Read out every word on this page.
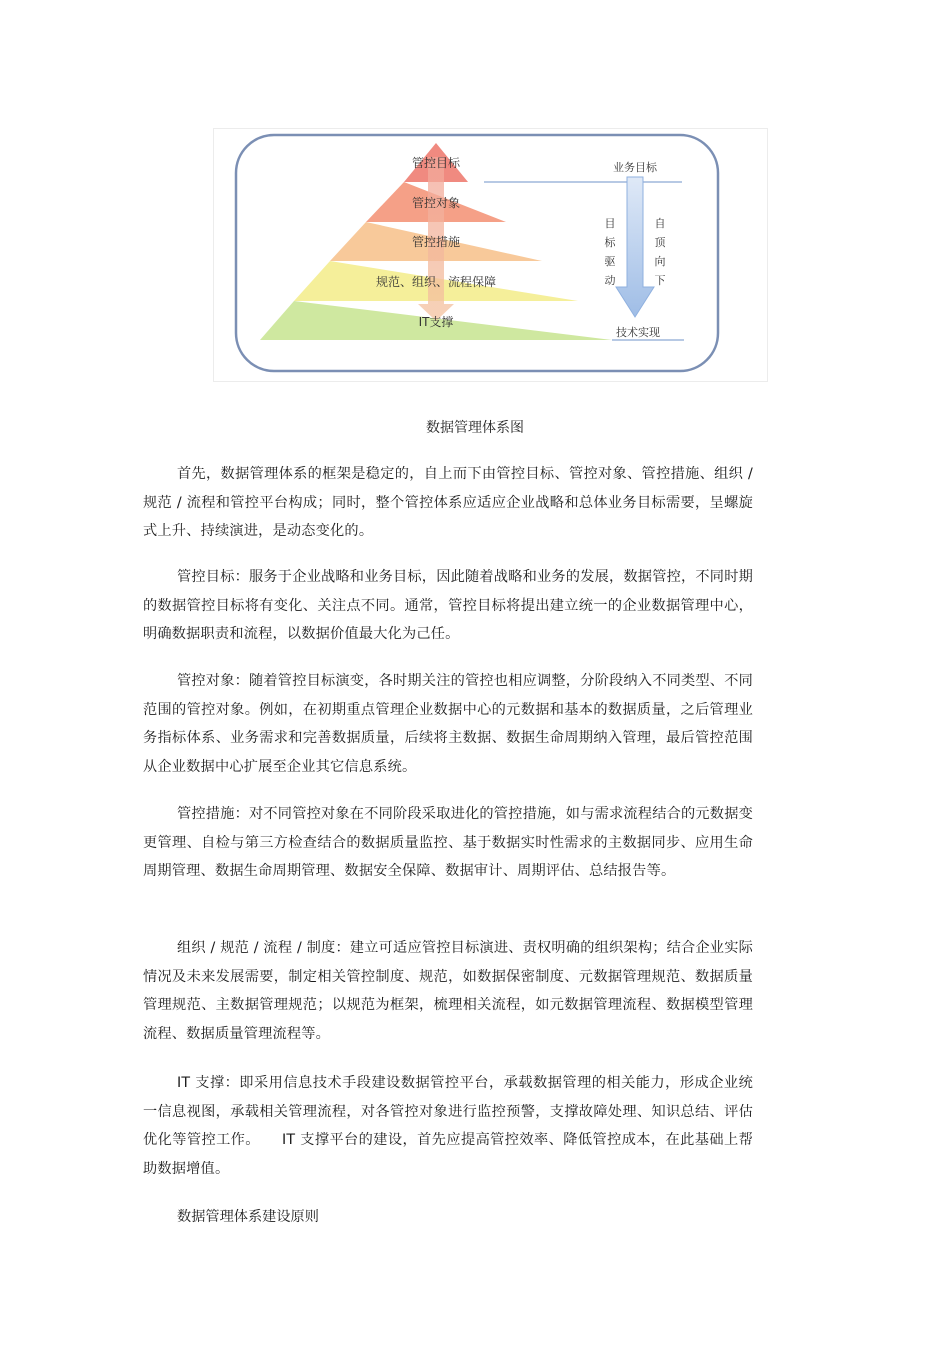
管控目标
管控对象
管控措施
规范、组织、流程保障
IT支撑
业务目标
技术实现
目
标
驱
动
自
顶
向
下
数据管理体系图
首先，数据管理体系的框架是稳定的，自上而下由管控目标、管控对象、管控措施、组织 / 规范 / 流程和管控平台构成；同时，整个管控体系应适应企业战略和总体业务目标需要，呈螺旋式上升、持续演进，是动态变化的。
管控目标：服务于企业战略和业务目标，因此随着战略和业务的发展，数据管控，不同时期的数据管控目标将有变化、关注点不同。通常，管控目标将提出建立统一的企业数据管理中心，明确数据职责和流程，以数据价值最大化为己任。
管控对象：随着管控目标演变，各时期关注的管控也相应调整，分阶段纳入不同类型、不同范围的管控对象。例如，在初期重点管理企业数据中心的元数据和基本的数据质量，之后管理业务指标体系、业务需求和完善数据质量，后续将主数据、数据生命周期纳入管理，最后管控范围从企业数据中心扩展至企业其它信息系统。
管控措施：对不同管控对象在不同阶段采取进化的管控措施，如与需求流程结合的元数据变更管理、自检与第三方检查结合的数据质量监控、基于数据实时性需求的主数据同步、应用生命周期管理、数据生命周期管理、数据安全保障、数据审计、周期评估、总结报告等。
组织 / 规范 / 流程 / 制度：建立可适应管控目标演进、责权明确的组织架构；结合企业实际情况及未来发展需要，制定相关管控制度、规范，如数据保密制度、元数据管理规范、数据质量管理规范、主数据管理规范；以规范为框架，梳理相关流程，如元数据管理流程、数据模型管理流程、数据质量管理流程等。
IT 支撑：即采用信息技术手段建设数据管控平台，承载数据管理的相关能力，形成企业统一信息视图，承载相关管理流程，对各管控对象进行监控预警，支撑故障处理、知识总结、评估优化等管控工作。　　IT 支撑平台的建设，首先应提高管控效率、降低管控成本，在此基础上帮助数据增值。
数据管理体系建设原则
